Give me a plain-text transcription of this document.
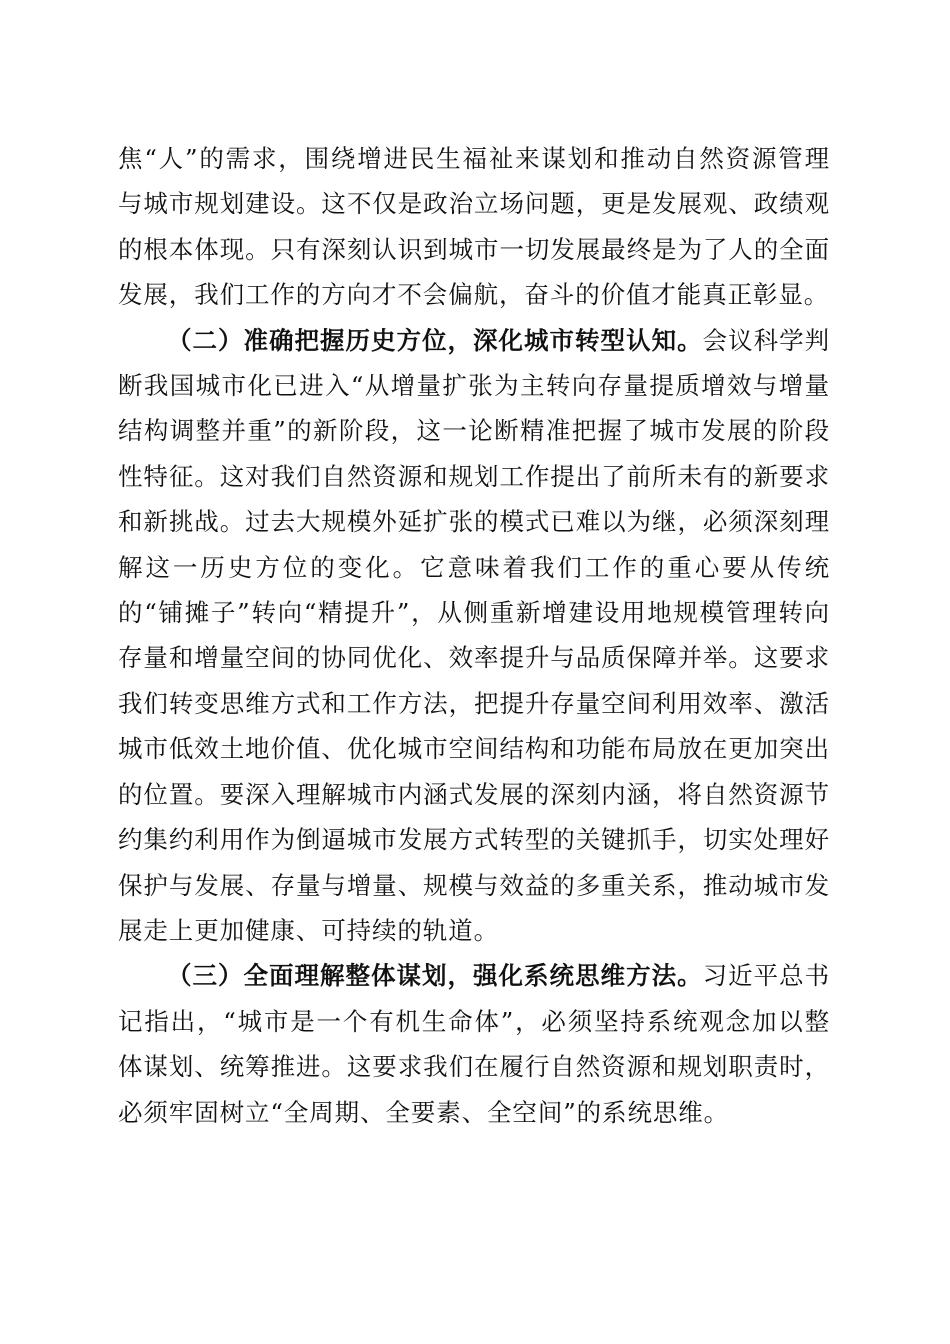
焦“人”的需求，围绕增进民生福祉来谋划和推动自然资源管理与城市规划建设。这不仅是政治立场问题，更是发展观、政绩观的根本体现。只有深刻认识到城市一切发展最终是为了人的全面发展，我们工作的方向才不会偏航，奋斗的价值才能真正彰显。

（二）准确把握历史方位，深化城市转型认知。会议科学判断我国城市化已进入“从增量扩张为主转向存量提质增效与增量结构调整并重”的新阶段，这一论断精准把握了城市发展的阶段性特征。这对我们自然资源和规划工作提出了前所未有的新要求和新挑战。过去大规模外延扩张的模式已难以为继，必须深刻理解这一历史方位的变化。它意味着我们工作的重心要从传统的“铺摊子”转向“精提升”，从侧重新增建设用地规模管理转向存量和增量空间的协同优化、效率提升与品质保障并举。这要求我们转变思维方式和工作方法，把提升存量空间利用效率、激活城市低效土地价值、优化城市空间结构和功能布局放在更加突出的位置。要深入理解城市内涵式发展的深刻内涵，将自然资源节约集约利用作为倒逼城市发展方式转型的关键抓手，切实处理好保护与发展、存量与增量、规模与效益的多重关系，推动城市发展走上更加健康、可持续的轨道。

（三）全面理解整体谋划，强化系统思维方法。习近平总书记指出，“城市是一个有机生命体”，必须坚持系统观念加以整体谋划、统筹推进。这要求我们在履行自然资源和规划职责时，必须牢固树立“全周期、全要素、全空间”的系统思维。
